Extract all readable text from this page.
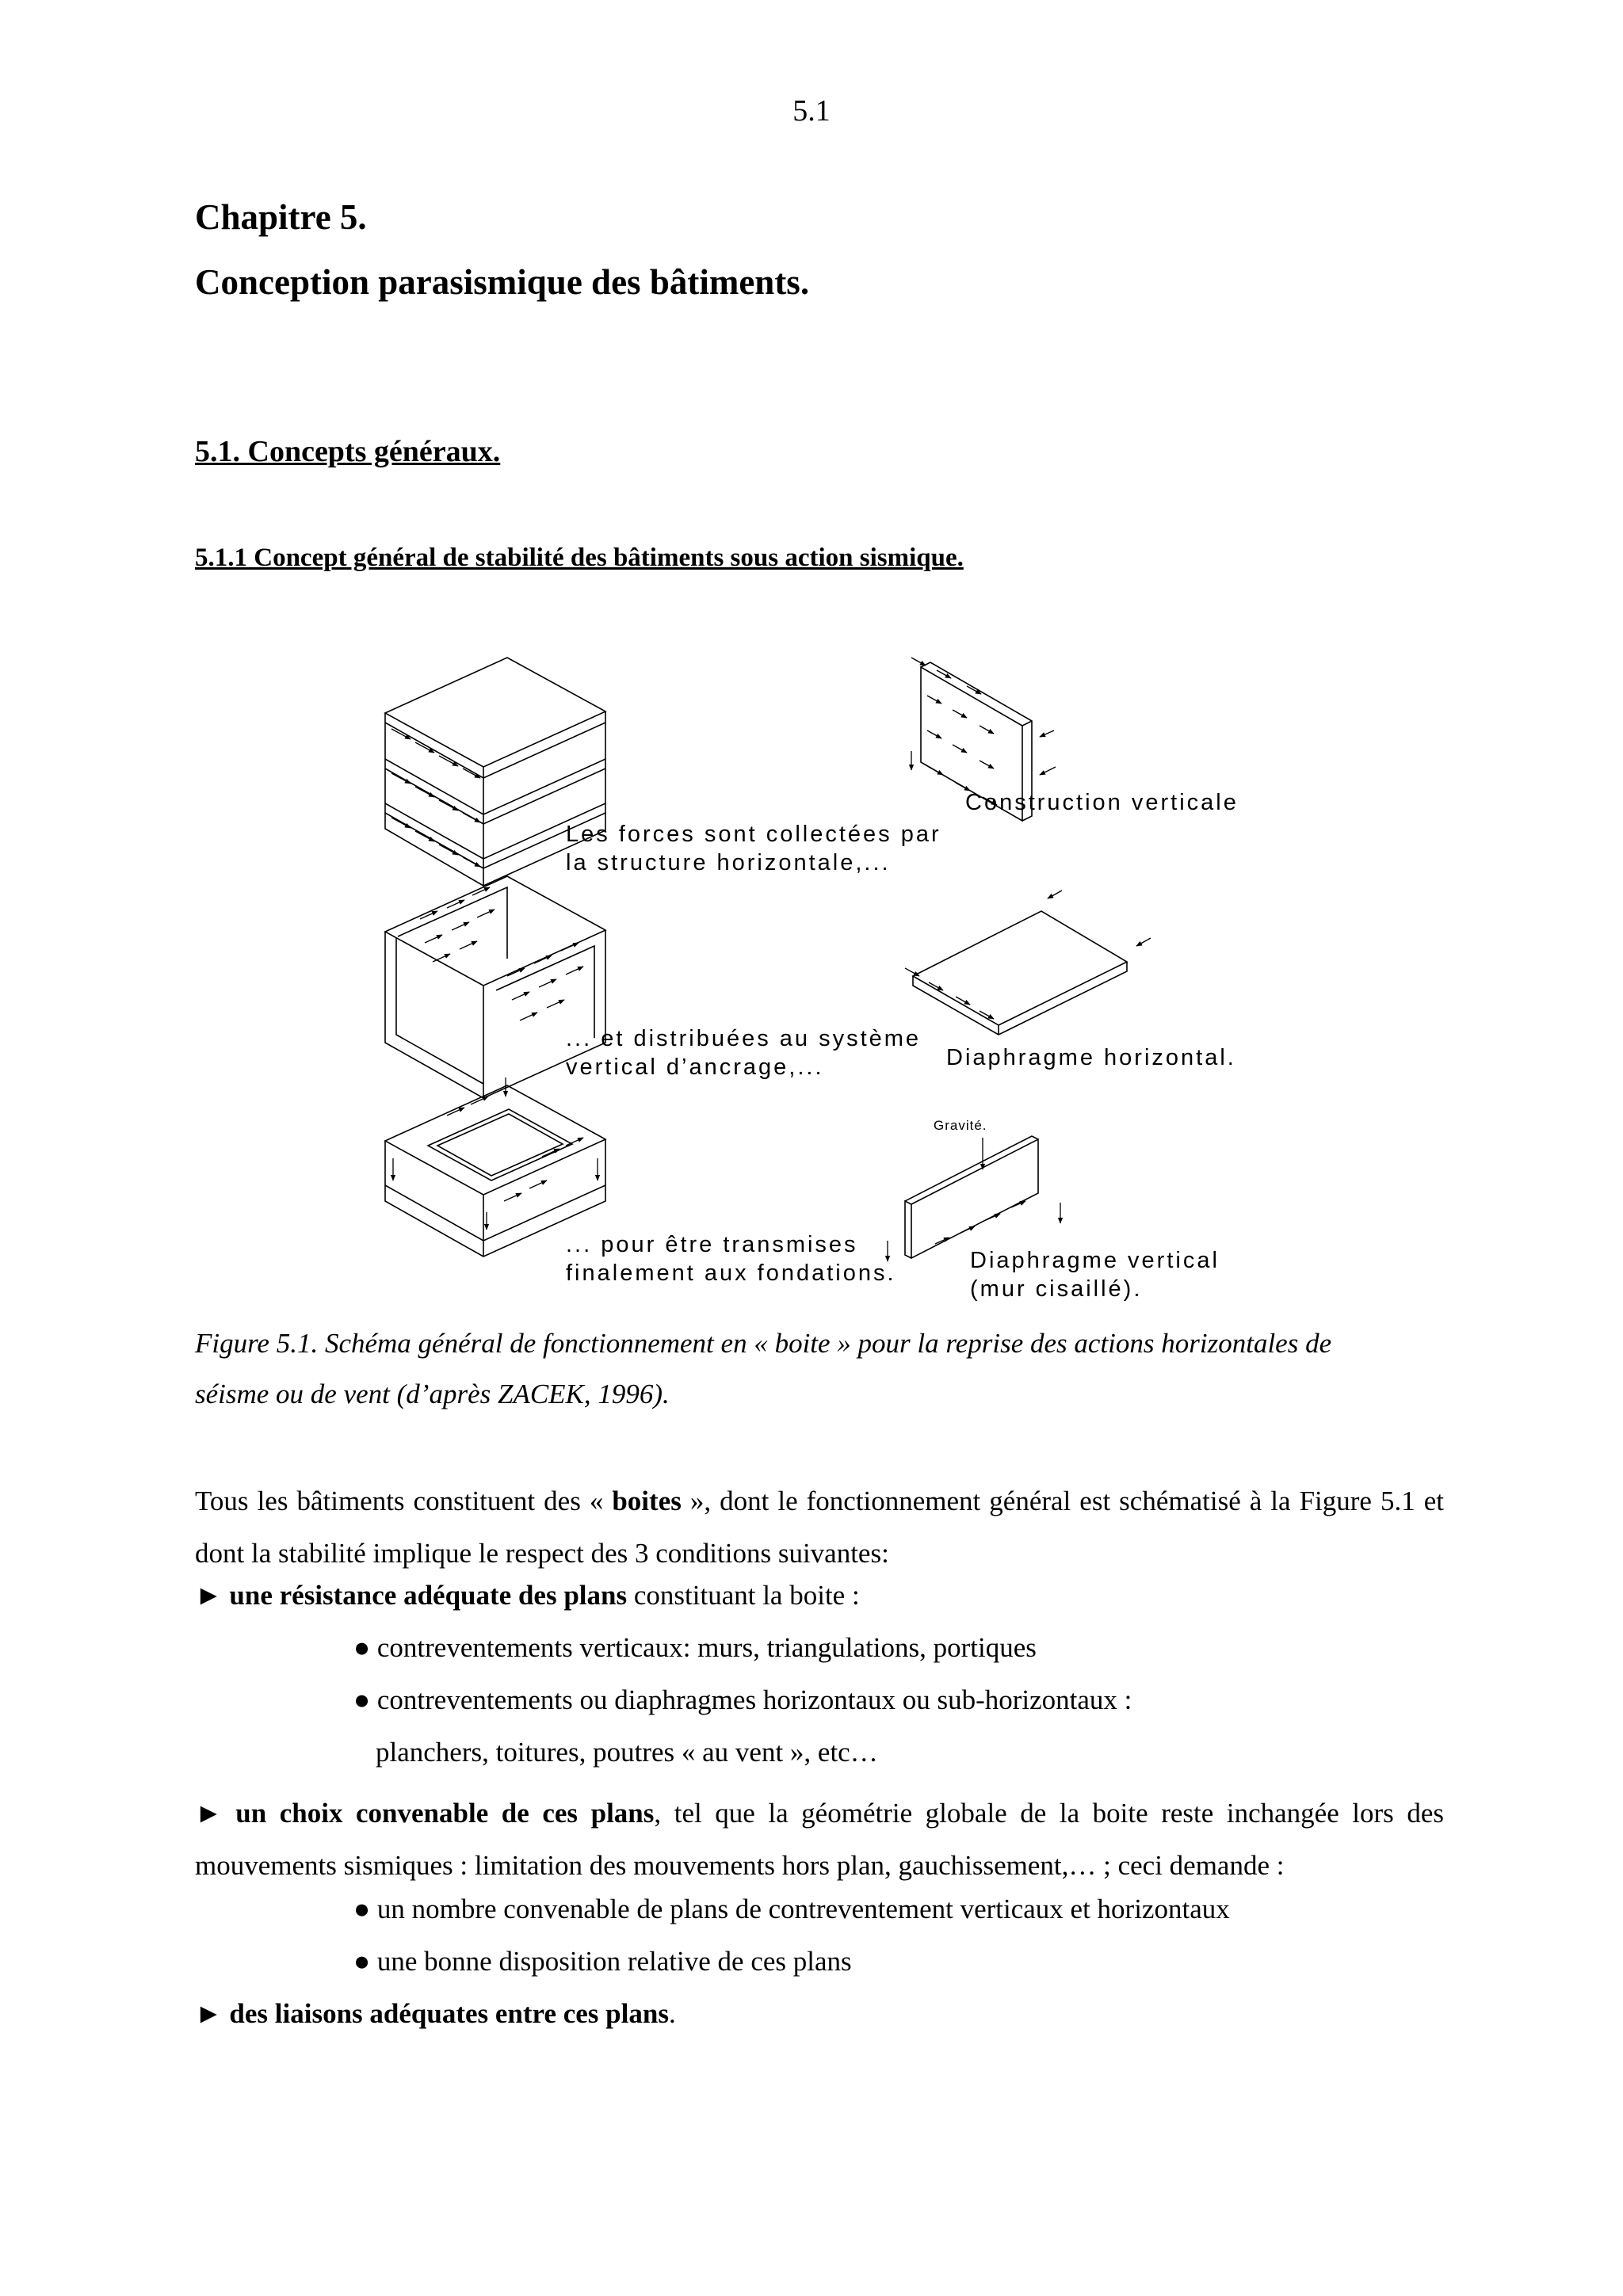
5.1
Chapitre 5.
Conception parasismique des bâtiments.
5.1. Concepts généraux.
5.1.1 Concept général de stabilité des bâtiments sous action sismique.
Les forces sont collectées par
la structure horizontale,...
... et distribuées au système
vertical d’ancrage,...
... pour être transmises
finalement aux fondations.
Construction verticale
Diaphragme horizontal.
Gravité.
Diaphragme vertical
(mur cisaillé).
Figure 5.1. Schéma général de fonctionnement en « boite » pour la reprise des actions horizontales de
séisme ou de vent (d’après ZACEK, 1996).
Tous les bâtiments constituent des « boites », dont le fonctionnement général est schématisé à la Figure 5.1 et dont la stabilité implique le respect des 3 conditions suivantes:
► une résistance adéquate des plans constituant la boite :
● contreventements verticaux: murs, triangulations, portiques
● contreventements ou diaphragmes horizontaux ou sub-horizontaux :
planchers, toitures, poutres « au vent », etc…
► un choix convenable de ces plans, tel que la géométrie globale de la boite reste inchangée lors des mouvements sismiques : limitation des mouvements hors plan, gauchissement,… ; ceci demande :
● un nombre convenable de plans de contreventement verticaux et horizontaux
● une bonne disposition relative de ces plans
► des liaisons adéquates entre ces plans.
